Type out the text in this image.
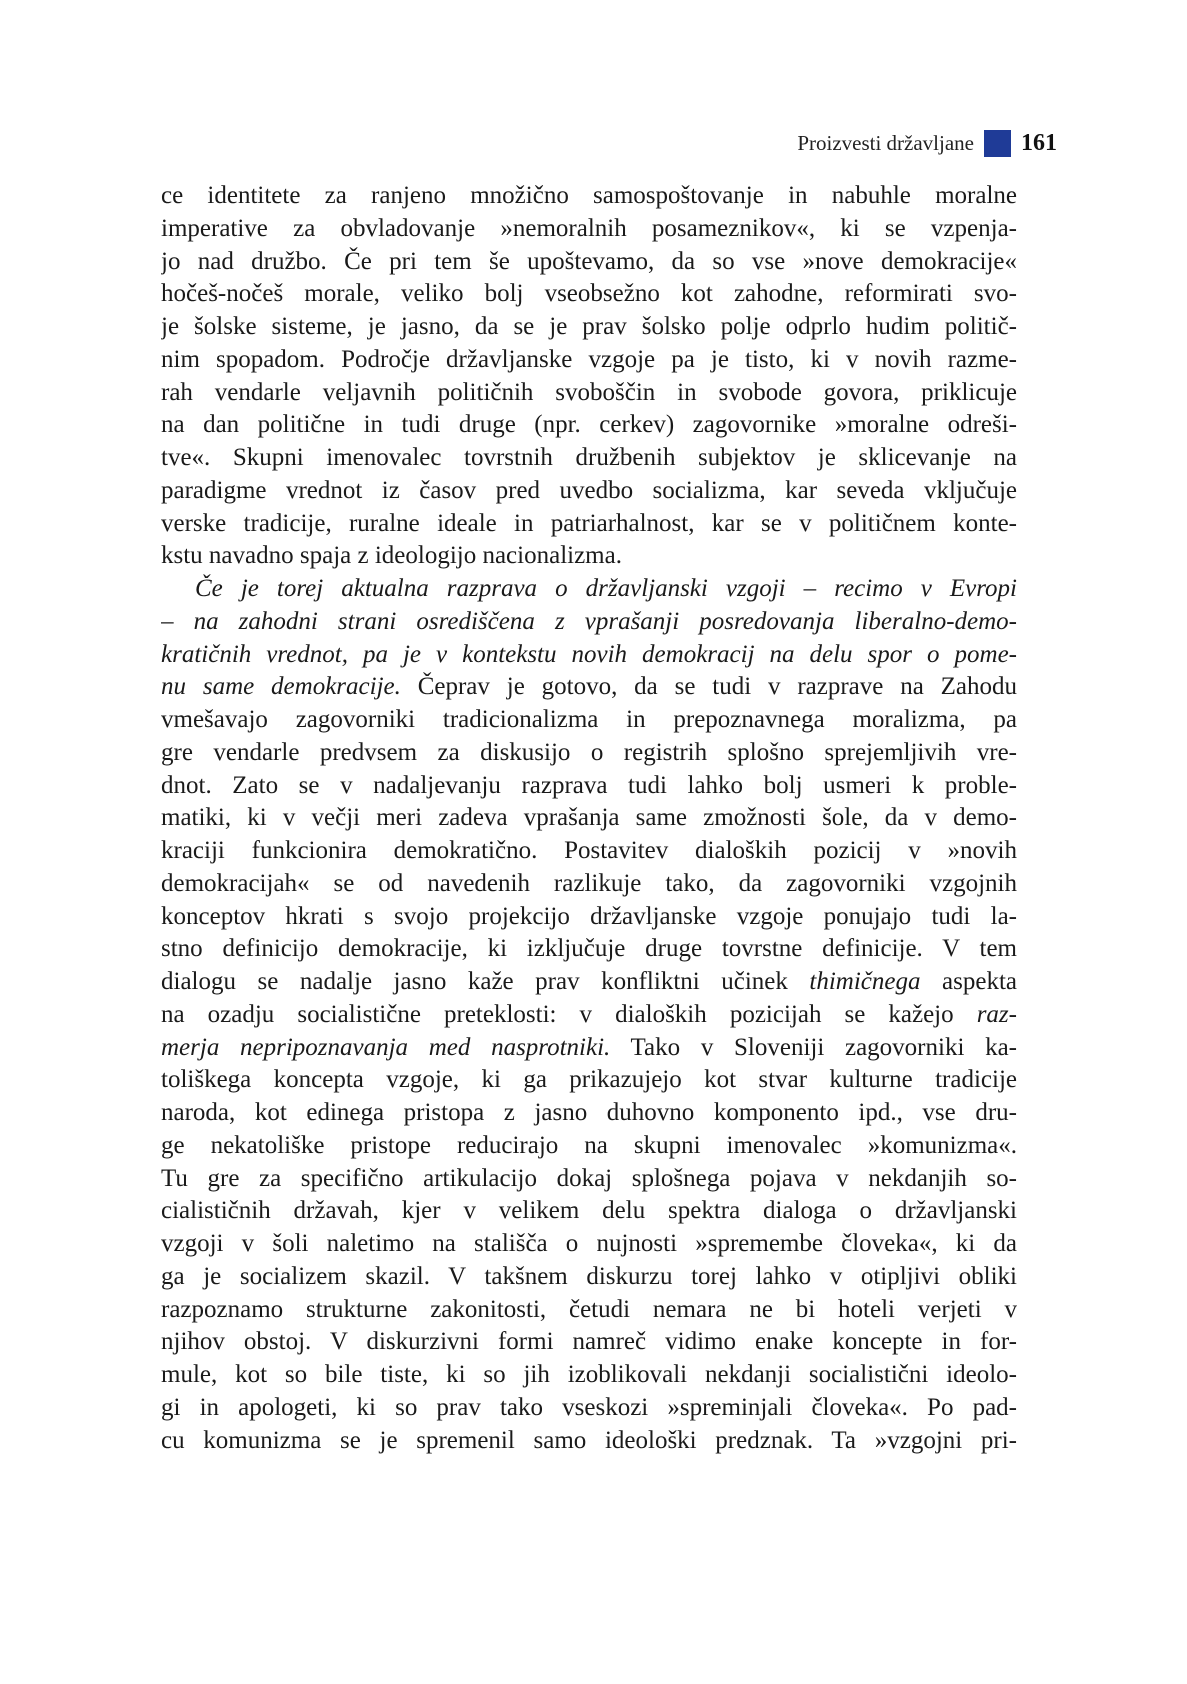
Proizvesti državljane 161
ce identitete za ranjeno množično samospoštovanje in nabuhle moralne
imperative za obvladovanje »nemoralnih posameznikov«, ki se vzpenja-
jo nad družbo. Če pri tem še upoštevamo, da so vse »nove demokracije«
hočeš-nočeš morale, veliko bolj vseobsežno kot zahodne, reformirati svo-
je šolske sisteme, je jasno, da se je prav šolsko polje odprlo hudim politič-
nim spopadom. Področje državljanske vzgoje pa je tisto, ki v novih razme-
rah vendarle veljavnih političnih svoboščin in svobode govora, priklicuje
na dan politične in tudi druge (npr. cerkev) zagovornike »moralne odreši-
tve«. Skupni imenovalec tovrstnih družbenih subjektov je sklicevanje na
paradigme vrednot iz časov pred uvedbo socializma, kar seveda vključuje
verske tradicije, ruralne ideale in patriarhalnost, kar se v političnem konte-
kstu navadno spaja z ideologijo nacionalizma.
Če je torej aktualna razprava o državljanski vzgoji – recimo v Evropi
– na zahodni strani osrediščena z vprašanji posredovanja liberalno-demo-
kratičnih vrednot, pa je v kontekstu novih demokracij na delu spor o pome-
nu same demokracije. Čeprav je gotovo, da se tudi v razprave na Zahodu
vmešavajo zagovorniki tradicionalizma in prepoznavnega moralizma, pa
gre vendarle predvsem za diskusijo o registrih splošno sprejemljivih vre-
dnot. Zato se v nadaljevanju razprava tudi lahko bolj usmeri k proble-
matiki, ki v večji meri zadeva vprašanja same zmožnosti šole, da v demo-
kraciji funkcionira demokratično. Postavitev dialoških pozicij v »novih
demokracijah« se od navedenih razlikuje tako, da zagovorniki vzgojnih
konceptov hkrati s svojo projekcijo državljanske vzgoje ponujajo tudi la-
stno definicijo demokracije, ki izključuje druge tovrstne definicije. V tem
dialogu se nadalje jasno kaže prav konfliktni učinek thimičnega aspekta
na ozadju socialistične preteklosti: v dialoških pozicijah se kažejo raz-
merja nepripoznavanja med nasprotniki. Tako v Sloveniji zagovorniki ka-
toliškega koncepta vzgoje, ki ga prikazujejo kot stvar kulturne tradicije
naroda, kot edinega pristopa z jasno duhovno komponento ipd., vse dru-
ge nekatoliške pristope reducirajo na skupni imenovalec »komunizma«.
Tu gre za specifično artikulacijo dokaj splošnega pojava v nekdanjih so-
cialističnih državah, kjer v velikem delu spektra dialoga o državljanski
vzgoji v šoli naletimo na stališča o nujnosti »spremembe človeka«, ki da
ga je socializem skazil. V takšnem diskurzu torej lahko v otipljivi obliki
razpoznamo strukturne zakonitosti, četudi nemara ne bi hoteli verjeti v
njihov obstoj. V diskurzivni formi namreč vidimo enake koncepte in for-
mule, kot so bile tiste, ki so jih izoblikovali nekdanji socialistični ideolo-
gi in apologeti, ki so prav tako vseskozi »spreminjali človeka«. Po pad-
cu komunizma se je spremenil samo ideološki predznak. Ta »vzgojni pri-
